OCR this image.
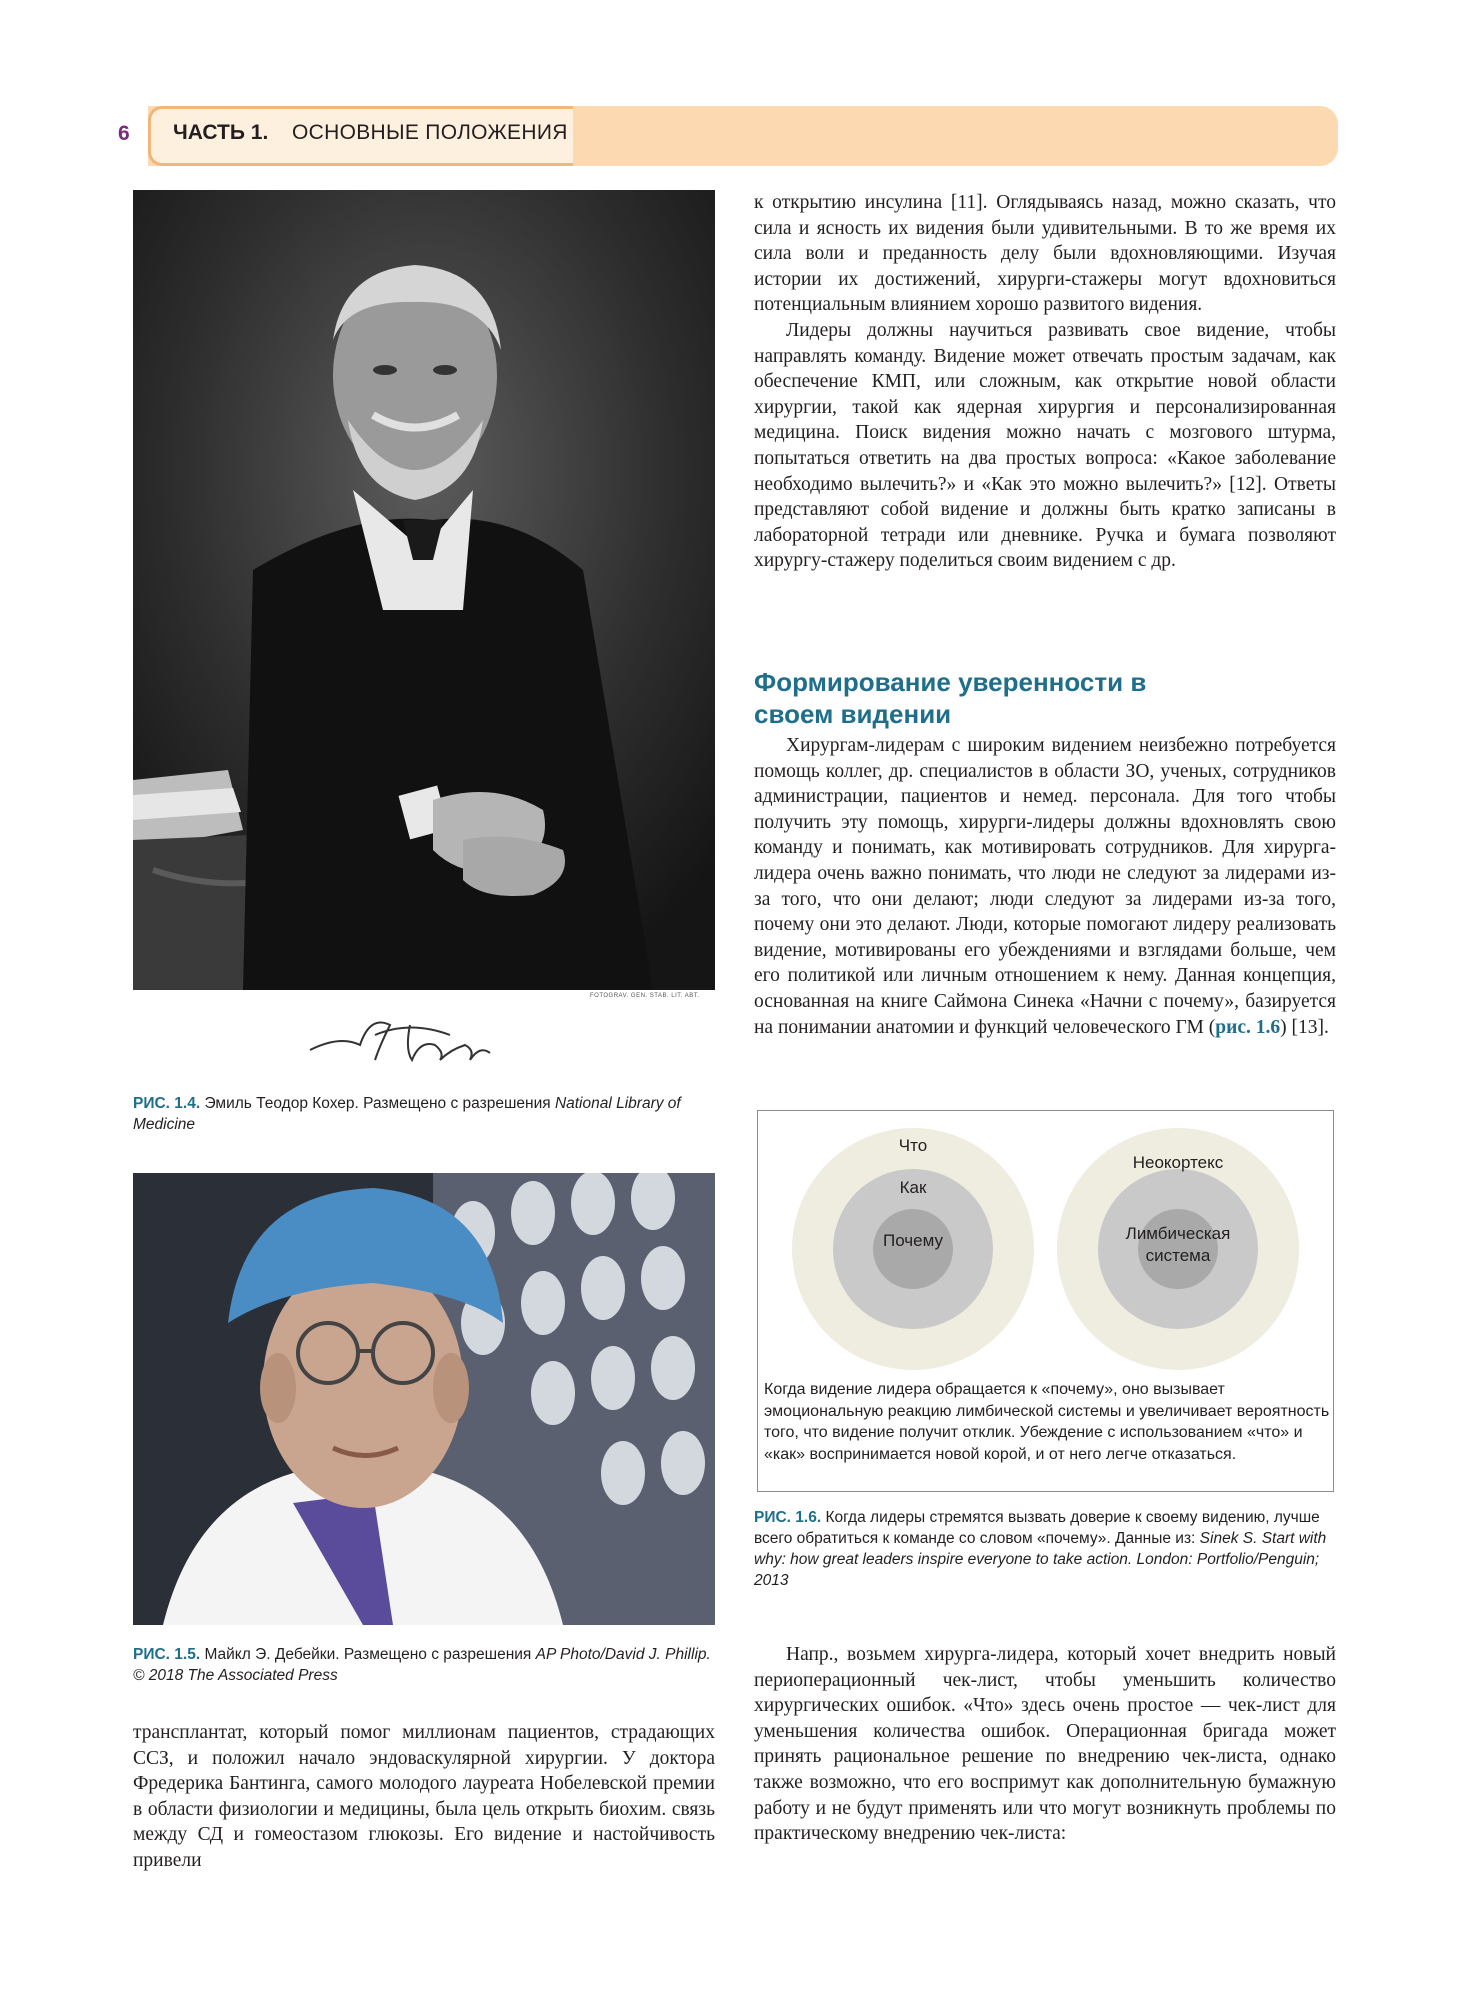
6 ЧАСТЬ 1. ОСНОВНЫЕ ПОЛОЖЕНИЯ
FOTOGRAV. GEN. STAB. LIT. ABT.
РИС. 1.4. Эмиль Теодор Кохер. Размещено с разрешения National Library of Medicine
РИС. 1.5. Майкл Э. Дебейки. Размещено с разрешения AP Photo/David J. Phillip. © 2018 The Associated Press

трансплантат, который помог миллионам пациентов, страдающих ССЗ, и положил начало эндоваскулярной хирургии. У доктора Фредерика Бантинга, самого молодого лауреата Нобелевской премии в области физиологии и медицины, была цель открыть биохим. связь между СД и гомеостазом глюкозы. Его видение и настойчивость привели

к открытию инсулина [11]. Оглядываясь назад, можно сказать, что сила и ясность их видения были удивительными. В то же время их сила воли и преданность делу были вдохновляющими. Изучая истории их достижений, хирурги-стажеры могут вдохновиться потенциальным влиянием хорошо развитого видения.

Лидеры должны научиться развивать свое видение, чтобы направлять команду. Видение может отвечать простым задачам, как обеспечение КМП, или сложным, как открытие новой области хирургии, такой как ядерная хирургия и персонализированная медицина. Поиск видения можно начать с мозгового штурма, попытаться ответить на два простых вопроса: «Какое заболевание необходимо вылечить?» и «Как это можно вылечить?» [12]. Ответы представляют собой видение и должны быть кратко записаны в лабораторной тетради или дневнике. Ручка и бумага позволяют хирургу-стажеру поделиться своим видением с др.

Формирование уверенности в своем видении

Хирургам-лидерам с широким видением неизбежно потребуется помощь коллег, др. специалистов в области ЗО, ученых, сотрудников администрации, пациентов и немед. персонала. Для того чтобы получить эту помощь, хирурги-лидеры должны вдохновлять свою команду и понимать, как мотивировать сотрудников. Для хирурга-лидера очень важно понимать, что люди не следуют за лидерами из-за того, что они делают; люди следуют за лидерами из-за того, почему они это делают. Люди, которые помогают лидеру реализовать видение, мотивированы его убеждениями и взглядами больше, чем его политикой или личным отношением к нему. Данная концепция, основанная на книге Саймона Синека «Начни с почему», базируется на понимании анатомии и функций человеческого ГМ (рис. 1.6) [13].

Что
Как
Почему
Неокортекс
Лимбическая
система
Когда видение лидера обращается к «почему», оно вызывает эмоциональную реакцию лимбической системы и увеличивает вероятность того, что видение получит отклик. Убеждение с использованием «что» и «как» воспринимается новой корой, и от него легче отказаться.
РИС. 1.6. Когда лидеры стремятся вызвать доверие к своему видению, лучше всего обратиться к команде со словом «почему». Данные из: Sinek S. Start with why: how great leaders inspire everyone to take action. London: Portfolio/Penguin; 2013

Напр., возьмем хирурга-лидера, который хочет внедрить новый периоперационный чек-лист, чтобы уменьшить количество хирургических ошибок. «Что» здесь очень простое — чек-лист для уменьшения количества ошибок. Операционная бригада может принять рациональное решение по внедрению чек-листа, однако также возможно, что его воспримут как дополнительную бумажную работу и не будут применять или что могут возникнуть проблемы по практическому внедрению чек-листа:
